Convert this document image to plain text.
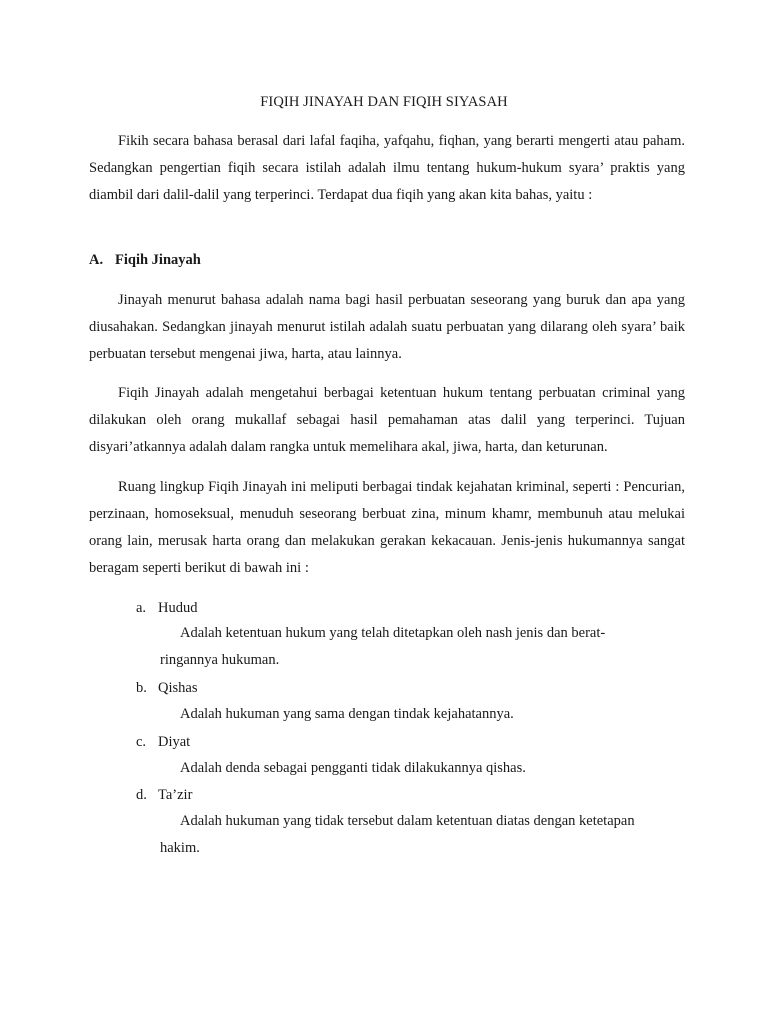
FIQIH JINAYAH DAN FIQIH SIYASAH

Fikih secara bahasa berasal dari lafal faqiha, yafqahu, fiqhan, yang berarti mengerti atau paham. Sedangkan pengertian fiqih secara istilah adalah ilmu tentang hukum-hukum syara’ praktis yang diambil dari dalil-dalil yang terperinci. Terdapat dua fiqih yang akan kita bahas, yaitu :

A. Fiqih Jinayah

Jinayah menurut bahasa adalah nama bagi hasil perbuatan seseorang yang buruk dan apa yang diusahakan. Sedangkan jinayah menurut istilah adalah suatu perbuatan yang dilarang oleh syara’ baik perbuatan tersebut mengenai jiwa, harta, atau lainnya.

Fiqih Jinayah adalah mengetahui berbagai ketentuan hukum tentang perbuatan criminal yang dilakukan oleh orang mukallaf sebagai hasil pemahaman atas dalil yang terperinci. Tujuan disyari’atkannya adalah dalam rangka untuk memelihara akal, jiwa, harta, dan keturunan.

Ruang lingkup Fiqih Jinayah ini meliputi berbagai tindak kejahatan kriminal, seperti : Pencurian, perzinaan, homoseksual, menuduh seseorang berbuat zina, minum khamr, membunuh atau melukai orang lain, merusak harta orang dan melakukan gerakan kekacauan. Jenis-jenis hukumannya sangat beragam seperti berikut di bawah ini :

a. Hudud

Adalah ketentuan hukum yang telah ditetapkan oleh nash jenis dan berat-ringannya hukuman.

b. Qishas

Adalah hukuman yang sama dengan tindak kejahatannya.

c. Diyat

Adalah denda sebagai pengganti tidak dilakukannya qishas.

d. Ta’zir

Adalah hukuman yang tidak tersebut dalam ketentuan diatas dengan ketetapan hakim.
